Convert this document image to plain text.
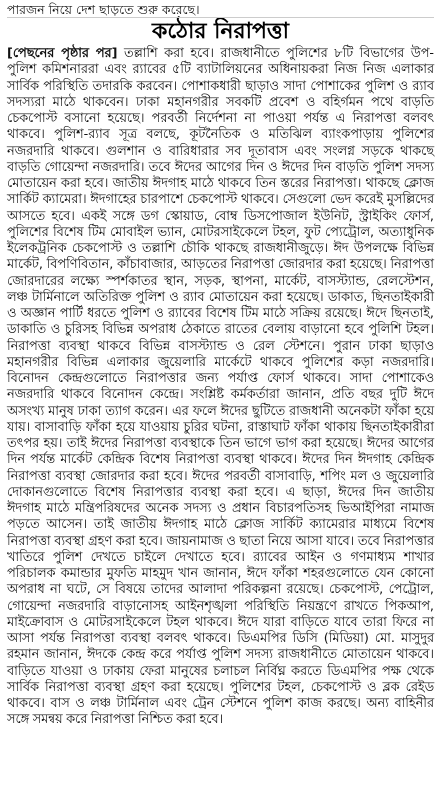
পারজন নিয়ে দেশ ছাড়তে শুরু করেছে।
কঠোর নিরাপত্তা
[পেছনের পৃষ্ঠার পর] তল্লাশি করা হবে। রাজধানীতে পুলিশের ৮টি বিভাগের উপ-পুলিশ কমিশনাররা এবং র‍্যাবের ৫টি ব্যাটালিয়নের অধিনায়করা নিজ নিজ এলাকার সার্বিক পরিস্থিতি তদারকি করবেন। পোশাকধারী ছাড়াও সাদা পোশাকের পুলিশ ও র‍্যাব সদস্যরা মাঠে থাকবেন। ঢাকা মহানগরীর সবকটি প্রবেশ ও বহির্গমন পথে বাড়তি চেকপোস্ট বসানো হয়েছে। পরবর্তী নির্দেশনা না পাওয়া পর্যন্ত এ নিরাপত্তা বলবৎ থাকবে। পুলিশ-র‍্যাব সূত্র বলছে, কূটনৈতিক ও মতিঝিল ব্যাংকপাড়ায় পুলিশের নজরদারি থাকবে। গুলশান ও বারিধারার সব দূতাবাস এবং সংলগ্ন সড়কে থাকছে বাড়তি গোয়েন্দা নজরদারি। তবে ঈদের আগের দিন ও ঈদের দিন বাড়তি পুলিশ সদস্য মোতায়েন করা হবে। জাতীয় ঈদগাহ মাঠে থাকবে তিন স্তরের নিরাপত্তা। থাকছে ক্লোজ সার্কিট ক্যামেরা। ঈদগাহের চারপাশে চেকপোস্ট থাকবে। সেগুলো ভেদ করেই মুসল্লিদের আসতে হবে। একই সঙ্গে ডগ স্কোয়াড, বোম্ব ডিসপোজাল ইউনিট, স্ট্রাইকিং ফোর্স, পুলিশের বিশেষ টিম মোবাইল ভ্যান, মোটরসাইকেলে টহল, ফুট প্যেট্রোল, অত্যাধুনিক ইলেকট্রনিক চেকপোস্ট ও তল্লাশি চৌকি থাকছে রাজধানীজুড়ে। ঈদ উপলক্ষে বিভিন্ন মার্কেট, বিপণিবিতান, কাঁচাবাজার, আড়তের নিরাপত্তা জোরদার করা হয়েছে। নিরাপত্তা জোরদারের লক্ষ্যে স্পর্শকাতর স্থান, সড়ক, স্থাপনা, মার্কেট, বাসস্ট্যান্ড, রেলস্টেশন, লঞ্চ টার্মিনালে অতিরিক্ত পুলিশ ও র‍্যাব মোতায়েন করা হয়েছে। ডাকাত, ছিনতাইকারী ও অজ্ঞান পার্টি ধরতে পুলিশ ও র‍্যাবের বিশেষ টিম মাঠে সক্রিয় রয়েছে। ঈদে ছিনতাই, ডাকাতি ও চুরিসহ বিভিন্ন অপরাধ ঠেকাতে রাতের বেলায় বাড়ানো হবে পুলিশি টহল। নিরাপত্তা ব্যবস্থা থাকবে বিভিন্ন বাসস্ট্যান্ড ও রেল স্টেশনে। পুরান ঢাকা ছাড়াও মহানগরীর বিভিন্ন এলাকার জুয়েলারি মার্কেটে থাকবে পুলিশের কড়া নজরদারি। বিনোদন কেন্দ্রগুলোতে নিরাপত্তার জন্য পর্যাপ্ত ফোর্স থাকবে। সাদা পোশাকেও নজরদারি থাকবে বিনোদন কেন্দ্রে। সংশ্লিষ্ট কর্মকর্তারা জানান, প্রতি বছর দুটি ঈদে অসংখ্য মানুষ ঢাকা ত্যাগ করেন। এর ফলে ঈদের ছুটিতে রাজধানী অনেকটা ফাঁকা হয়ে যায়। বাসাবাড়ি ফাঁকা হয়ে যাওয়ায় চুরির ঘটনা, রাস্তাঘাট ফাঁকা থাকায় ছিনতাইকারীরা তৎপর হয়। তাই ঈদের নিরাপত্তা ব্যবস্থাকে তিন ভাগে ভাগ করা হয়েছে। ঈদের আগের দিন পর্যন্ত মার্কেট কেন্দ্রিক বিশেষ নিরাপত্তা ব্যবস্থা থাকবে। ঈদের দিন ঈদগাহ কেন্দ্রিক নিরাপত্তা ব্যবস্থা জোরদার করা হবে। ঈদের পরবর্তী বাসাবাড়ি, শপিং মল ও জুয়েলারি দোকানগুলোতে বিশেষ নিরাপত্তার ব্যবস্থা করা হবে। এ ছাড়া, ঈদের দিন জাতীয় ঈদগাহ মাঠে মন্ত্রিপরিষদের অনেক সদস্য ও প্রধান বিচারপতিসহ ভিআইপিরা নামাজ পড়তে আসেন। তাই জাতীয় ঈদগাহ মাঠে ক্লোজ সার্কিট ক্যামেরার মাধ্যমে বিশেষ নিরাপত্তা ব্যবস্থা গ্রহণ করা হবে। জায়নামাজ ও ছাতা নিয়ে আসা যাবে। তবে নিরাপত্তার খাতিরে পুলিশ দেখতে চাইলে দেখাতে হবে। র‍্যাবের আইন ও গণমাধ্যম শাখার পরিচালক কমান্ডার মুফতি মাহমুদ খান জানান, ঈদে ফাঁকা শহরগুলোতে যেন কোনো অপরাধ না ঘটে, সে বিষয়ে তাদের আলাদা পরিকল্পনা রয়েছে। চেকপোস্ট, পেট্রোল, গোয়েন্দা নজরদারি বাড়ানোসহ আইনশৃঙ্খলা পরিস্থিতি নিয়ন্ত্রণে রাখতে পিকআপ, মাইক্রোবাস ও মোটরসাইকেলে টহল থাকবে। ঈদে যারা বাড়িতে যাবে তারা ফিরে না আসা পর্যন্ত নিরাপত্তা ব্যবস্থা বলবৎ থাকবে। ডিএমপির ডিসি (মিডিয়া) মো. মাসুদুর রহমান জানান, ঈদকে কেন্দ্র করে পর্যাপ্ত পুলিশ সদস্য রাজধানীতে মোতায়েন থাকবে। বাড়িতে যাওয়া ও ঢাকায় ফেরা মানুষের চলাচল নির্বিঘ্ন করতে ডিএমপির পক্ষ থেকে সার্বিক নিরাপত্তা ব্যবস্থা গ্রহণ করা হয়েছে। পুলিশের টহল, চেকপোস্ট ও ব্লক রেইড থাকবে। বাস ও লঞ্চ টার্মিনাল এবং ট্রেন স্টেশনে পুলিশ কাজ করছে। অন্য বাহিনীর সঙ্গে সমন্বয় করে নিরাপত্তা নিশ্চিত করা হবে।
